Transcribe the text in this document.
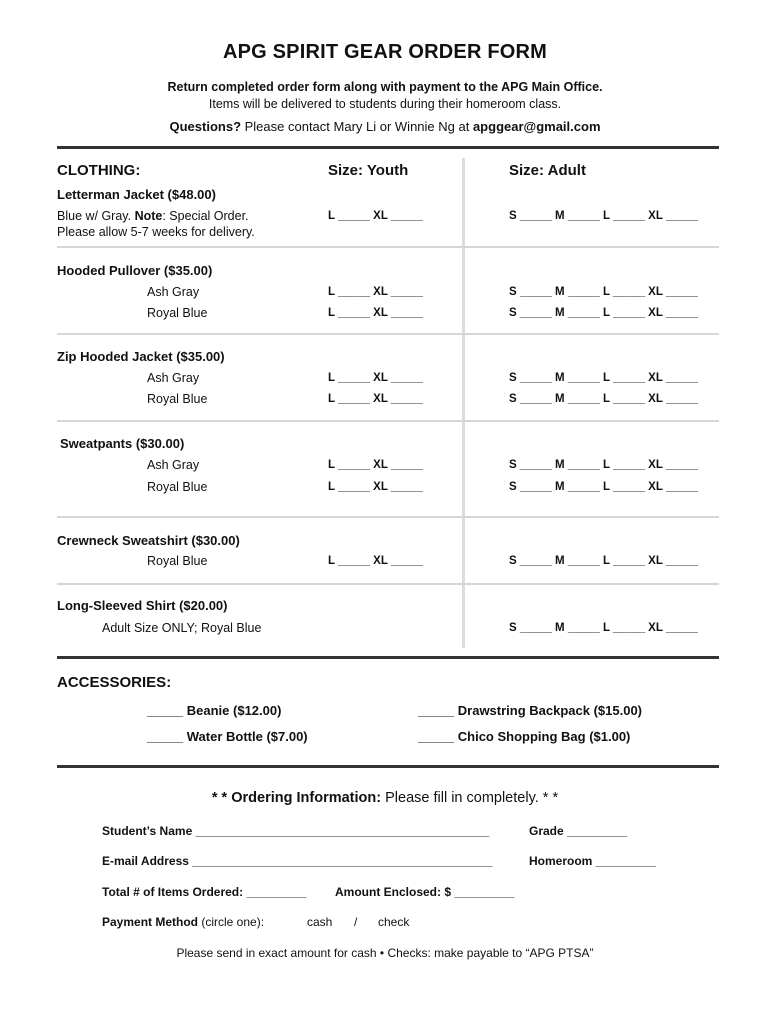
APG SPIRIT GEAR ORDER FORM
Return completed order form along with payment to the APG Main Office.
Items will be delivered to students during their homeroom class.
Questions? Please contact Mary Li or Winnie Ng at apggear@gmail.com
CLOTHING:	Size: Youth	Size: Adult
Letterman Jacket ($48.00)
Blue w/ Gray. Note: Special Order.
Please allow 5-7 weeks for delivery.
L _____ XL _____	S _____ M _____ L _____ XL _____
Hooded Pullover ($35.00)
Ash Gray	L _____ XL _____	S _____ M _____ L _____ XL _____
Royal Blue	L _____ XL _____	S _____ M _____ L _____ XL _____
Zip Hooded Jacket ($35.00)
Ash Gray	L _____ XL _____	S _____ M _____ L _____ XL _____
Royal Blue	L _____ XL _____	S _____ M _____ L _____ XL _____
Sweatpants ($30.00)
Ash Gray	L _____ XL _____	S _____ M _____ L _____ XL _____
Royal Blue	L _____ XL _____	S _____ M _____ L _____ XL _____
Crewneck Sweatshirt ($30.00)
Royal Blue	L _____ XL _____	S _____ M _____ L _____ XL _____
Long-Sleeved Shirt ($20.00)
Adult Size ONLY; Royal Blue	S _____ M _____ L _____ XL _____
ACCESSORIES:
_____ Beanie ($12.00)
_____ Water Bottle ($7.00)
_____ Drawstring Backpack ($15.00)
_____ Chico Shopping Bag ($1.00)
* * Ordering Information: Please fill in completely. * *
Student’s Name ____________________________________________	Grade _________
E-mail Address _____________________________________________	Homeroom _________
Total # of Items Ordered: _________ Amount Enclosed: $ _________
Payment Method (circle one):	cash / check
Please send in exact amount for cash • Checks: make payable to “APG PTSA”
